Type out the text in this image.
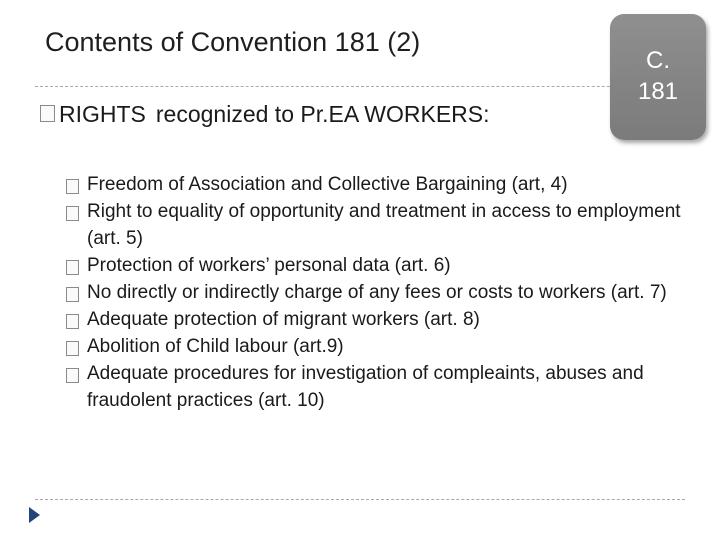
Contents of Convention 181 (2)
C.
181
RIGHTS recognized to Pr.EA WORKERS:
Freedom of Association and Collective Bargaining (art, 4)
Right to equality of opportunity and treatment in access to employment (art. 5)
Protection of workers’ personal data (art. 6)
No directly or indirectly charge of any fees or costs to workers (art. 7)
Adequate protection of migrant workers (art. 8)
Abolition of Child labour (art.9)
Adequate procedures for investigation of compleaints, abuses and fraudolent practices (art. 10)
